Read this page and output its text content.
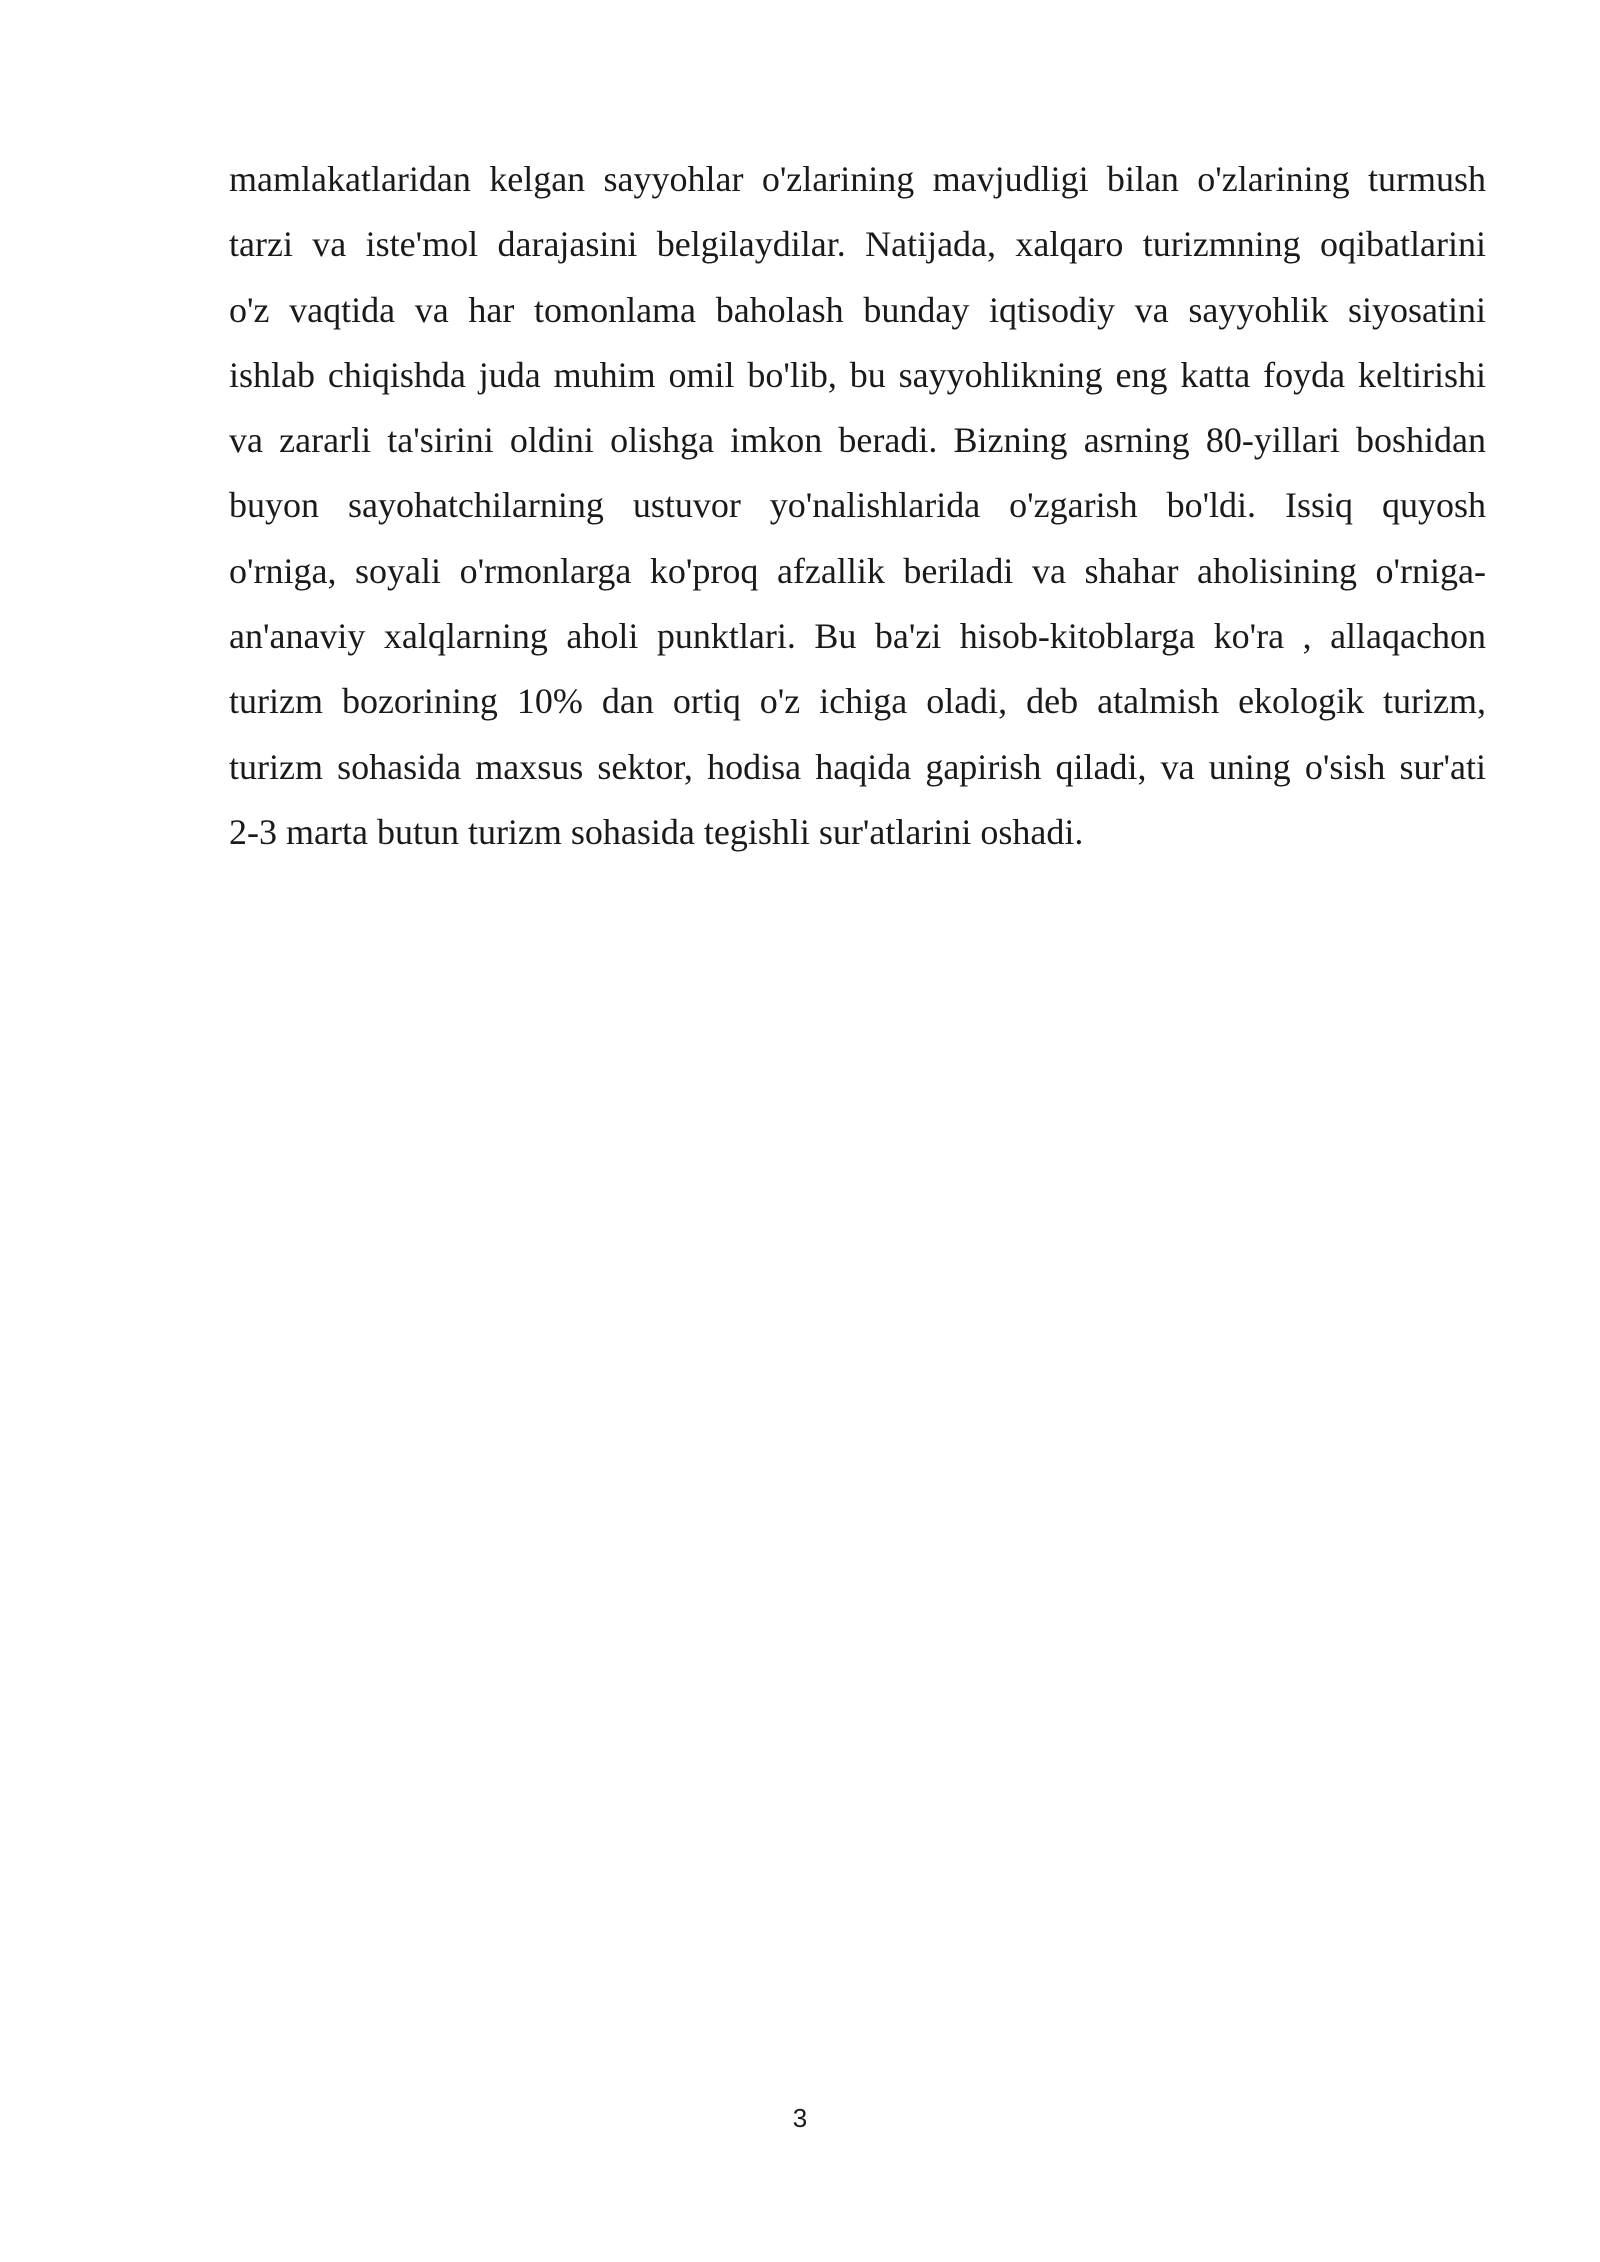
mamlakatlaridan kelgan sayyohlar o'zlarining mavjudligi bilan o'zlarining turmush
tarzi va iste'mol darajasini belgilaydilar. Natijada, xalqaro turizmning oqibatlarini
o'z vaqtida va har tomonlama baholash bunday iqtisodiy va sayyohlik siyosatini
ishlab chiqishda juda muhim omil bo'lib, bu sayyohlikning eng katta foyda keltirishi
va zararli ta'sirini oldini olishga imkon beradi. Bizning asrning 80-yillari boshidan
buyon sayohatchilarning ustuvor yo'nalishlarida o'zgarish bo'ldi. Issiq quyosh
o'rniga, soyali o'rmonlarga ko'proq afzallik beriladi va shahar aholisining o'rniga-
an'anaviy xalqlarning aholi punktlari. Bu ba'zi hisob-kitoblarga ko'ra , allaqachon
turizm bozorining 10% dan ortiq o'z ichiga oladi, deb atalmish ekologik turizm,
turizm sohasida maxsus sektor, hodisa haqida gapirish qiladi, va uning o'sish sur'ati
2-3 marta butun turizm sohasida tegishli sur'atlarini oshadi.
3
